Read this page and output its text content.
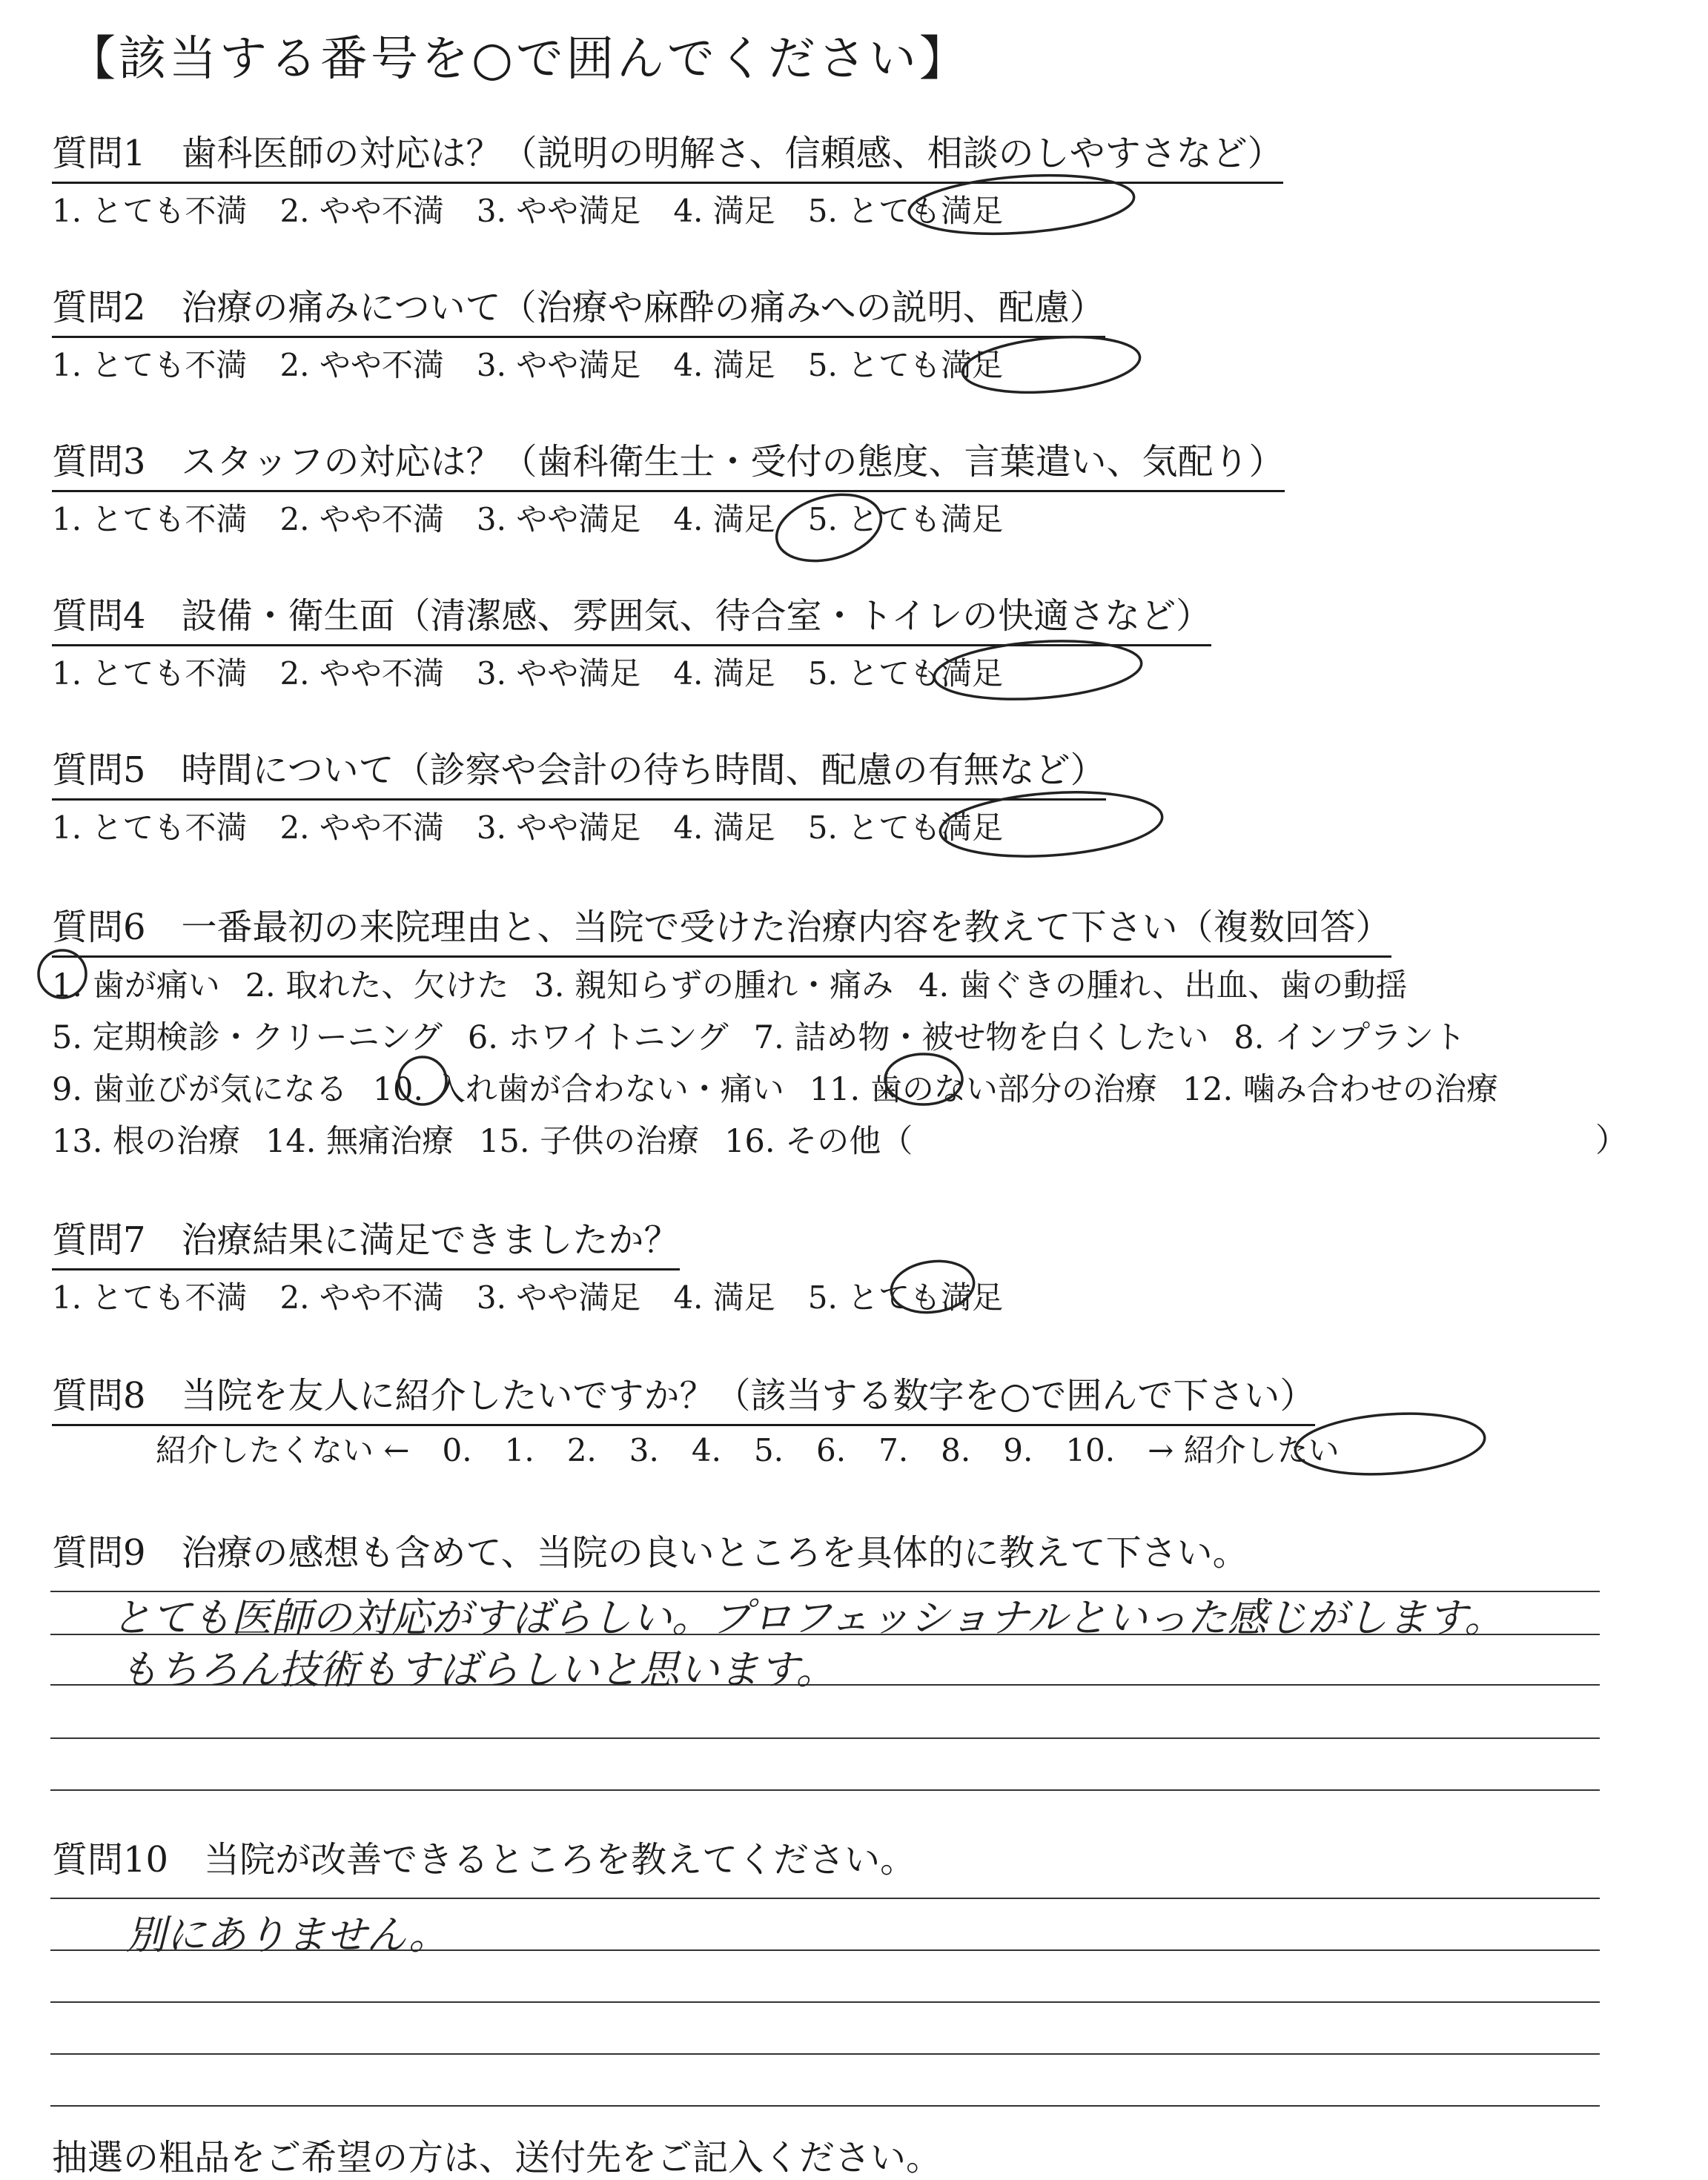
【該当する番号を○で囲んでください】
質問1　歯科医師の対応は？（説明の明解さ、信頼感、相談のしやすさなど）
1. とても不満 2. やや不満 3. やや満足 4. 満足 5. とても満足
質問2　治療の痛みについて（治療や麻酔の痛みへの説明、配慮）
1. とても不満 2. やや不満 3. やや満足 4. 満足 5. とても満足
質問3　スタッフの対応は？（歯科衛生士・受付の態度、言葉遣い、気配り）
1. とても不満 2. やや不満 3. やや満足 4. 満足 5. とても満足
質問4　設備・衛生面（清潔感、雰囲気、待合室・トイレの快適さなど）
1. とても不満 2. やや不満 3. やや満足 4. 満足 5. とても満足
質問5　時間について（診察や会計の待ち時間、配慮の有無など）
1. とても不満 2. やや不満 3. やや満足 4. 満足 5. とても満足
質問6　一番最初の来院理由と、当院で受けた治療内容を教えて下さい（複数回答）
1. 歯が痛い 2. 取れた、欠けた 3. 親知らずの腫れ・痛み 4. 歯ぐきの腫れ、出血、歯の動揺
5. 定期検診・クリーニング 6. ホワイトニング 7. 詰め物・被せ物を白くしたい 8. インプラント
9. 歯並びが気になる 10. 入れ歯が合わない・痛い 11. 歯のない部分の治療 12. 噛み合わせの治療
13. 根の治療 14. 無痛治療 15. 子供の治療 16. その他（	）
質問7　治療結果に満足できましたか？
1. とても不満 2. やや不満 3. やや満足 4. 満足 5. とても満足
質問8　当院を友人に紹介したいですか？（該当する数字を○で囲んで下さい）
紹介したくない ← 0. 1. 2. 3. 4. 5. 6. 7. 8. 9. 10. → 紹介したい
質問9　治療の感想も含めて、当院の良いところを具体的に教えて下さい。
とても医師の対応がすばらしい。プロフェッショナルといった感じがします。
もちろん技術もすばらしいと思います。
質問10　当院が改善できるところを教えてください。
別にありません。
抽選の粗品をご希望の方は、送付先をご記入ください。
